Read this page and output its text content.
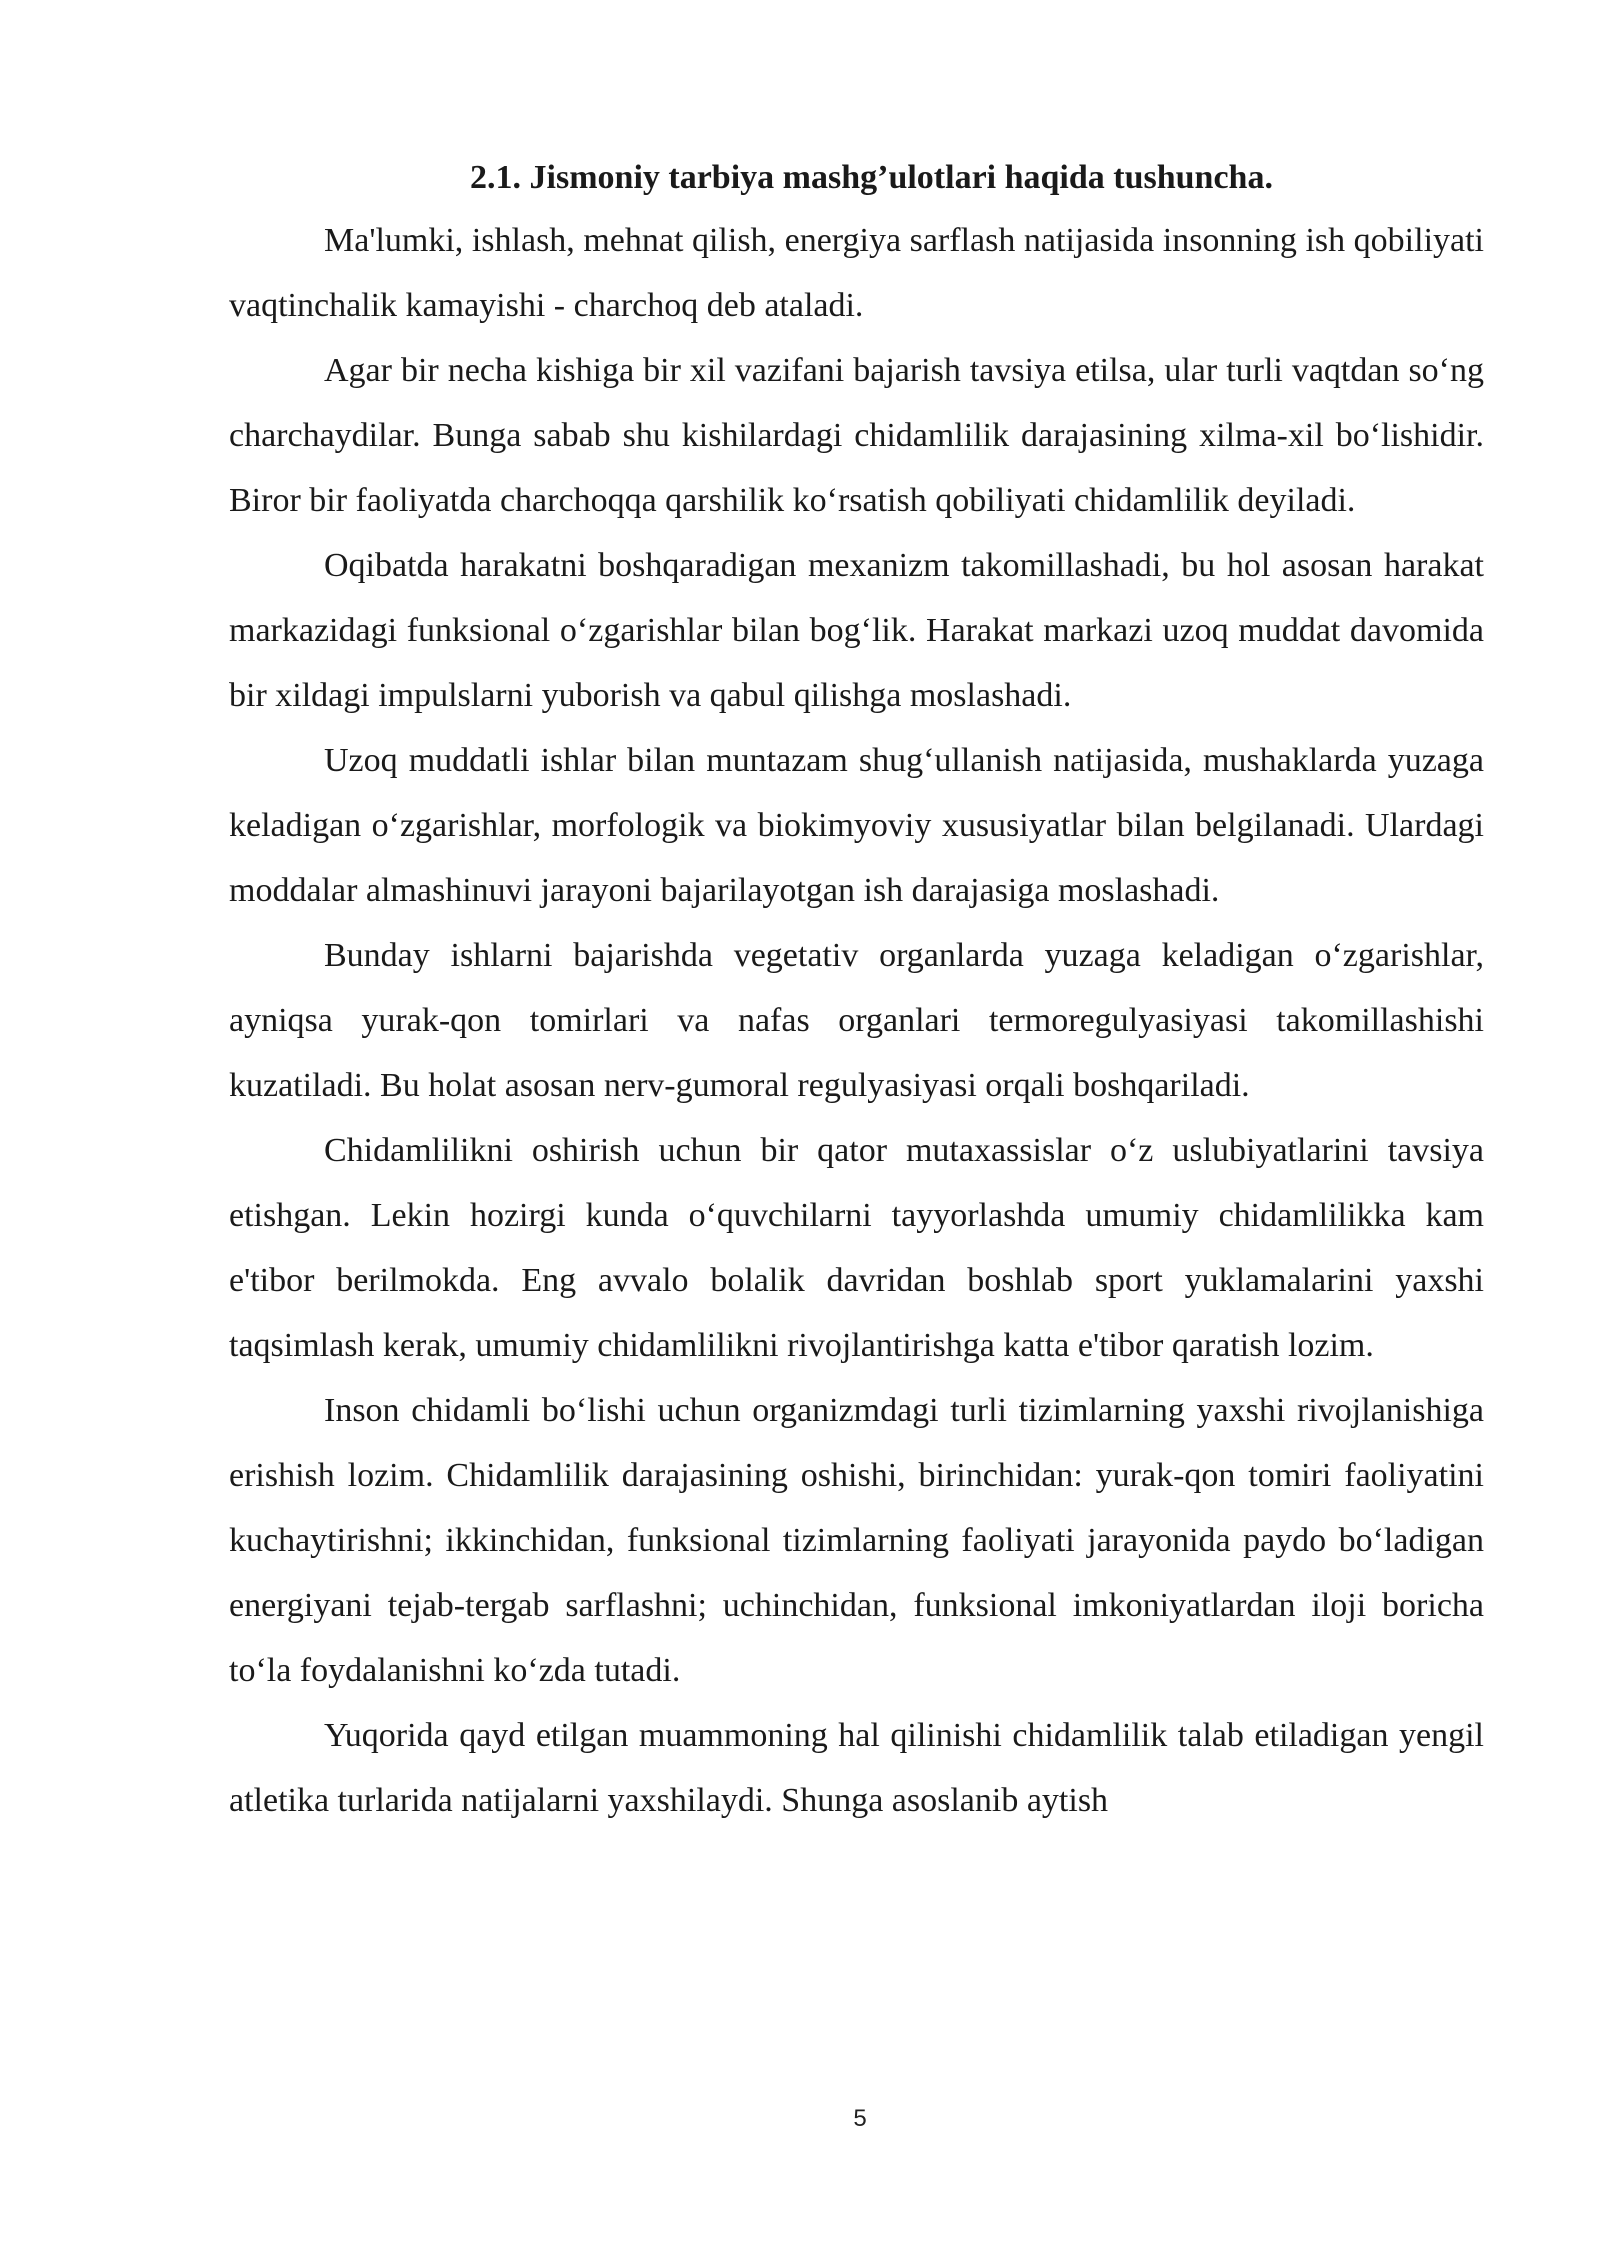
2.1. Jismoniy tarbiya mashg’ulotlari haqida tushuncha.

Ma'lumki, ishlash, mehnat qilish, energiya sarflash natijasida insonning ish qobiliyati vaqtinchalik kamayishi - charchoq deb ataladi.

Agar bir necha kishiga bir xil vazifani bajarish tavsiya etilsa, ular turli vaqtdan so‘ng charchaydilar. Bunga sabab shu kishilardagi chidamlilik darajasining xilma-xil bo‘lishidir. Biror bir faoliyatda charchoqqa qarshilik ko‘rsatish qobiliyati chidamlilik deyiladi.

Oqibatda harakatni boshqaradigan mexanizm takomillashadi, bu hol asosan harakat markazidagi funksional o‘zgarishlar bilan bog‘lik. Harakat markazi uzoq muddat davomida bir xildagi impulslarni yuborish va qabul qilishga moslashadi.

Uzoq muddatli ishlar bilan muntazam shug‘ullanish natijasida, mushaklarda yuzaga keladigan o‘zgarishlar, morfologik va biokimyoviy xususiyatlar bilan belgilanadi. Ulardagi moddalar almashinuvi jarayoni bajarilayotgan ish darajasiga moslashadi.

Bunday ishlarni bajarishda vegetativ organlarda yuzaga keladigan o‘zgarishlar, ayniqsa yurak-qon tomirlari va nafas organlari termoregulyasiyasi takomillashishi kuzatiladi. Bu holat asosan nerv-gumoral regulyasiyasi orqali boshqariladi.

Chidamlilikni oshirish uchun bir qator mutaxassislar o‘z uslubiyatlarini tavsiya etishgan. Lekin hozirgi kunda o‘quvchilarni tayyorlashda umumiy chidamlilikka kam e'tibor berilmokda. Eng avvalo bolalik davridan boshlab sport yuklamalarini yaxshi taqsimlash kerak, umumiy chidamlilikni rivojlantirishga katta e'tibor qaratish lozim.

Inson chidamli bo‘lishi uchun organizmdagi turli tizimlarning yaxshi rivojlanishiga erishish lozim. Chidamlilik darajasining oshishi, birinchidan: yurak-qon tomiri faoliyatini kuchaytirishni; ikkinchidan, funksional tizimlarning faoliyati jarayonida paydo bo‘ladigan energiyani tejab-tergab sarflashni; uchinchidan, funksional imkoniyatlardan iloji boricha to‘la foydalanishni ko‘zda tutadi.

Yuqorida qayd etilgan muammoning hal qilinishi chidamlilik talab etiladigan yengil atletika turlarida natijalarni yaxshilaydi. Shunga asoslanib aytish

5
